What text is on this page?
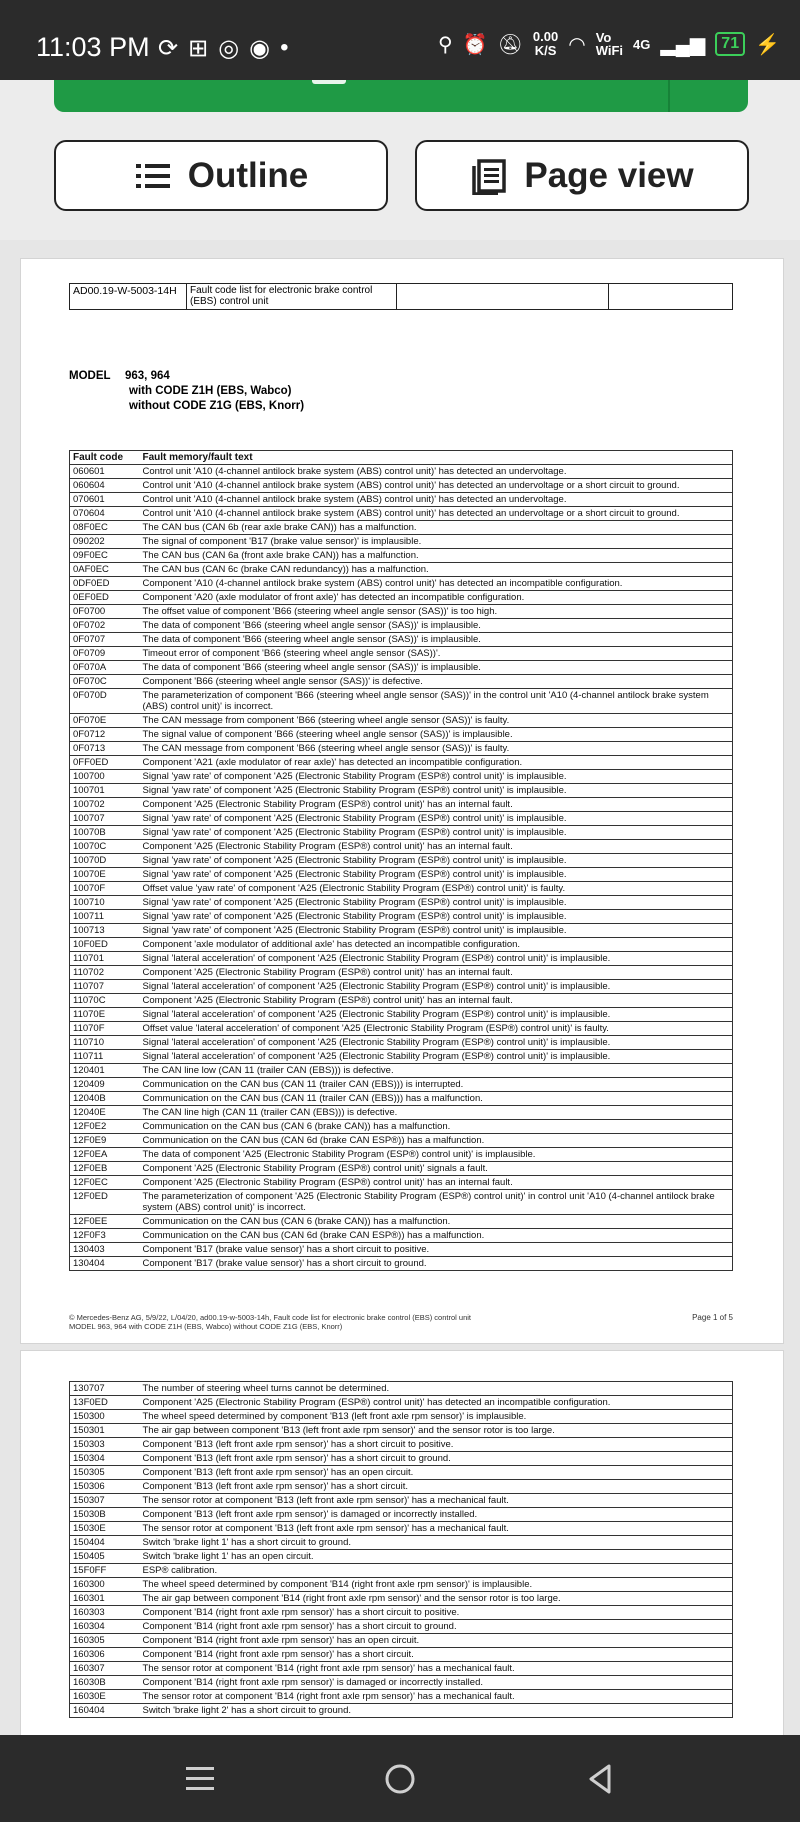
11:03 PM ⟳ ⊞ ◎ ◉ •	⚲ ⏰ 🔕︎ 0.00
K/S ◠ Vo
WiFi 4G ▂▄▆	71 ⚡
Outline	Page view
AD00.19-W-5003-14H	Fault code list for electronic brake control (EBS) control unit
MODEL 963, 964
with CODE Z1H (EBS, Wabco)
without CODE Z1G (EBS, Knorr)
Fault code	Fault memory/fault text
060601	Control unit 'A10 (4-channel antilock brake system (ABS) control unit)' has detected an undervoltage.
060604	Control unit 'A10 (4-channel antilock brake system (ABS) control unit)' has detected an undervoltage or a short circuit to ground.
070601	Control unit 'A10 (4-channel antilock brake system (ABS) control unit)' has detected an undervoltage.
070604	Control unit 'A10 (4-channel antilock brake system (ABS) control unit)' has detected an undervoltage or a short circuit to ground.
08F0EC	The CAN bus (CAN 6b (rear axle brake CAN)) has a malfunction.
090202	The signal of component 'B17 (brake value sensor)' is implausible.
09F0EC	The CAN bus (CAN 6a (front axle brake CAN)) has a malfunction.
0AF0EC	The CAN bus (CAN 6c (brake CAN redundancy)) has a malfunction.
0DF0ED	Component 'A10 (4-channel antilock brake system (ABS) control unit)' has detected an incompatible configuration.
0EF0ED	Component 'A20 (axle modulator of front axle)' has detected an incompatible configuration.
0F0700	The offset value of component 'B66 (steering wheel angle sensor (SAS))' is too high.
0F0702	The data of component 'B66 (steering wheel angle sensor (SAS))' is implausible.
0F0707	The data of component 'B66 (steering wheel angle sensor (SAS))' is implausible.
0F0709	Timeout error of component 'B66 (steering wheel angle sensor (SAS))'.
0F070A	The data of component 'B66 (steering wheel angle sensor (SAS))' is implausible.
0F070C	Component 'B66 (steering wheel angle sensor (SAS))' is defective.
0F070D	The parameterization of component 'B66 (steering wheel angle sensor (SAS))' in the control unit 'A10 (4-channel antilock brake system (ABS) control unit)' is incorrect.
0F070E	The CAN message from component 'B66 (steering wheel angle sensor (SAS))' is faulty.
0F0712	The signal value of component 'B66 (steering wheel angle sensor (SAS))' is implausible.
0F0713	The CAN message from component 'B66 (steering wheel angle sensor (SAS))' is faulty.
0FF0ED	Component 'A21 (axle modulator of rear axle)' has detected an incompatible configuration.
100700	Signal 'yaw rate' of component 'A25 (Electronic Stability Program (ESP®) control unit)' is implausible.
100701	Signal 'yaw rate' of component 'A25 (Electronic Stability Program (ESP®) control unit)' is implausible.
100702	Component 'A25 (Electronic Stability Program (ESP®) control unit)' has an internal fault.
100707	Signal 'yaw rate' of component 'A25 (Electronic Stability Program (ESP®) control unit)' is implausible.
10070B	Signal 'yaw rate' of component 'A25 (Electronic Stability Program (ESP®) control unit)' is implausible.
10070C	Component 'A25 (Electronic Stability Program (ESP®) control unit)' has an internal fault.
10070D	Signal 'yaw rate' of component 'A25 (Electronic Stability Program (ESP®) control unit)' is implausible.
10070E	Signal 'yaw rate' of component 'A25 (Electronic Stability Program (ESP®) control unit)' is implausible.
10070F	Offset value 'yaw rate' of component 'A25 (Electronic Stability Program (ESP®) control unit)' is faulty.
100710	Signal 'yaw rate' of component 'A25 (Electronic Stability Program (ESP®) control unit)' is implausible.
100711	Signal 'yaw rate' of component 'A25 (Electronic Stability Program (ESP®) control unit)' is implausible.
100713	Signal 'yaw rate' of component 'A25 (Electronic Stability Program (ESP®) control unit)' is implausible.
10F0ED	Component 'axle modulator of additional axle' has detected an incompatible configuration.
110701	Signal 'lateral acceleration' of component 'A25 (Electronic Stability Program (ESP®) control unit)' is implausible.
110702	Component 'A25 (Electronic Stability Program (ESP®) control unit)' has an internal fault.
110707	Signal 'lateral acceleration' of component 'A25 (Electronic Stability Program (ESP®) control unit)' is implausible.
11070C	Component 'A25 (Electronic Stability Program (ESP®) control unit)' has an internal fault.
11070E	Signal 'lateral acceleration' of component 'A25 (Electronic Stability Program (ESP®) control unit)' is implausible.
11070F	Offset value 'lateral acceleration' of component 'A25 (Electronic Stability Program (ESP®) control unit)' is faulty.
110710	Signal 'lateral acceleration' of component 'A25 (Electronic Stability Program (ESP®) control unit)' is implausible.
110711	Signal 'lateral acceleration' of component 'A25 (Electronic Stability Program (ESP®) control unit)' is implausible.
120401	The CAN line low (CAN 11 (trailer CAN (EBS))) is defective.
120409	Communication on the CAN bus (CAN 11 (trailer CAN (EBS))) is interrupted.
12040B	Communication on the CAN bus (CAN 11 (trailer CAN (EBS))) has a malfunction.
12040E	The CAN line high (CAN 11 (trailer CAN (EBS))) is defective.
12F0E2	Communication on the CAN bus (CAN 6 (brake CAN)) has a malfunction.
12F0E9	Communication on the CAN bus (CAN 6d (brake CAN ESP®)) has a malfunction.
12F0EA	The data of component 'A25 (Electronic Stability Program (ESP®) control unit)' is implausible.
12F0EB	Component 'A25 (Electronic Stability Program (ESP®) control unit)' signals a fault.
12F0EC	Component 'A25 (Electronic Stability Program (ESP®) control unit)' has an internal fault.
12F0ED	The parameterization of component 'A25 (Electronic Stability Program (ESP®) control unit)' in control unit 'A10 (4-channel antilock brake system (ABS) control unit)' is incorrect.
12F0EE	Communication on the CAN bus (CAN 6 (brake CAN)) has a malfunction.
12F0F3	Communication on the CAN bus (CAN 6d (brake CAN ESP®)) has a malfunction.
130403	Component 'B17 (brake value sensor)' has a short circuit to positive.
130404	Component 'B17 (brake value sensor)' has a short circuit to ground.
© Mercedes-Benz AG, 5/9/22, L/04/20, ad00.19-w-5003-14h, Fault code list for electronic brake control (EBS) control unit
MODEL 963, 964 with CODE Z1H (EBS, Wabco) without CODE Z1G (EBS, Knorr)
Page 1 of 5
130707	The number of steering wheel turns cannot be determined.
13F0ED	Component 'A25 (Electronic Stability Program (ESP®) control unit)' has detected an incompatible configuration.
150300	The wheel speed determined by component 'B13 (left front axle rpm sensor)' is implausible.
150301	The air gap between component 'B13 (left front axle rpm sensor)' and the sensor rotor is too large.
150303	Component 'B13 (left front axle rpm sensor)' has a short circuit to positive.
150304	Component 'B13 (left front axle rpm sensor)' has a short circuit to ground.
150305	Component 'B13 (left front axle rpm sensor)' has an open circuit.
150306	Component 'B13 (left front axle rpm sensor)' has a short circuit.
150307	The sensor rotor at component 'B13 (left front axle rpm sensor)' has a mechanical fault.
15030B	Component 'B13 (left front axle rpm sensor)' is damaged or incorrectly installed.
15030E	The sensor rotor at component 'B13 (left front axle rpm sensor)' has a mechanical fault.
150404	Switch 'brake light 1' has a short circuit to ground.
150405	Switch 'brake light 1' has an open circuit.
15F0FF	ESP® calibration.
160300	The wheel speed determined by component 'B14 (right front axle rpm sensor)' is implausible.
160301	The air gap between component 'B14 (right front axle rpm sensor)' and the sensor rotor is too large.
160303	Component 'B14 (right front axle rpm sensor)' has a short circuit to positive.
160304	Component 'B14 (right front axle rpm sensor)' has a short circuit to ground.
160305	Component 'B14 (right front axle rpm sensor)' has an open circuit.
160306	Component 'B14 (right front axle rpm sensor)' has a short circuit.
160307	The sensor rotor at component 'B14 (right front axle rpm sensor)' has a mechanical fault.
16030B	Component 'B14 (right front axle rpm sensor)' is damaged or incorrectly installed.
16030E	The sensor rotor at component 'B14 (right front axle rpm sensor)' has a mechanical fault.
160404	Switch 'brake light 2' has a short circuit to ground.
